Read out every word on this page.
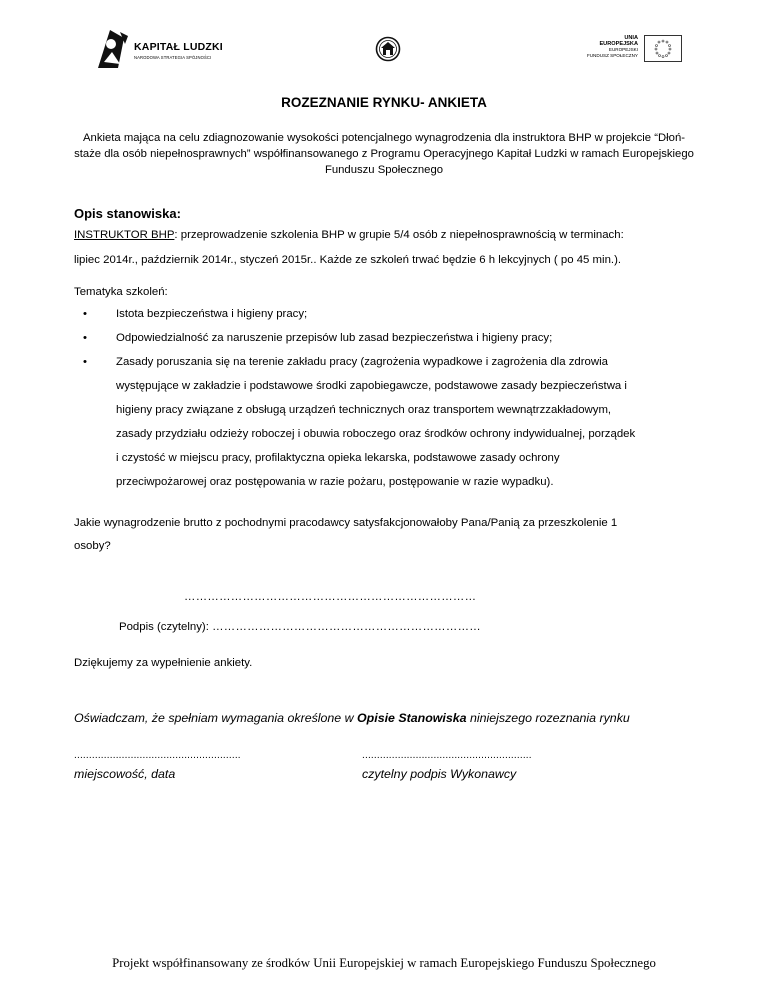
KAPITAŁ LUDZKI
NARODOWA STRATEGIA SPÓJNOŚCI
UNIA EUROPEJSKA
EUROPEJSKI
FUNDUSZ SPOŁECZNY
ROZEZNANIE RYNKU- ANKIETA
Ankieta mająca na celu zdiagnozowanie wysokości potencjalnego wynagrodzenia dla instruktora BHP w projekcie “Dłoń- staże dla osób niepełnosprawnych” współfinansowanego z Programu Operacyjnego Kapitał Ludzki w ramach Europejskiego Funduszu Społecznego
Opis stanowiska:
INSTRUKTOR BHP: przeprowadzenie szkolenia BHP w grupie 5/4 osób z niepełnosprawnością w terminach:
lipiec 2014r., październik 2014r., styczeń 2015r.. Każde ze szkoleń trwać będzie 6 h lekcyjnych ( po 45 min.).
Tematyka szkoleń:
•	Istota bezpieczeństwa i higieny pracy;
•	Odpowiedzialność za naruszenie przepisów lub zasad bezpieczeństwa i higieny pracy;
•	Zasady poruszania się na terenie zakładu pracy (zagrożenia wypadkowe i zagrożenia dla zdrowia
występujące w zakładzie i podstawowe środki zapobiegawcze, podstawowe zasady bezpieczeństwa i
higieny pracy związane z obsługą urządzeń technicznych oraz transportem wewnątrzzakładowym,
zasady przydziału odzieży roboczej i obuwia roboczego oraz środków ochrony indywidualnej, porządek
i czystość w miejscu pracy, profilaktyczna opieka lekarska, podstawowe zasady ochrony
przeciwpożarowej oraz postępowania w razie pożaru, postępowanie w razie wypadku).
Jakie wynagrodzenie brutto z pochodnymi pracodawcy satysfakcjonowałoby Pana/Panią za przeszkolenie 1
osoby?
…………………………………………………………………
Podpis (czytelny): ……………………………………………………………
Dziękujemy za wypełnienie ankiety.
Oświadczam, że spełniam wymagania określone w Opisie Stanowiska niniejszego rozeznania rynku
........................................................
miejscowość, data
.........................................................
czytelny podpis Wykonawcy
Projekt współfinansowany ze środków Unii Europejskiej w ramach Europejskiego Funduszu Społecznego
